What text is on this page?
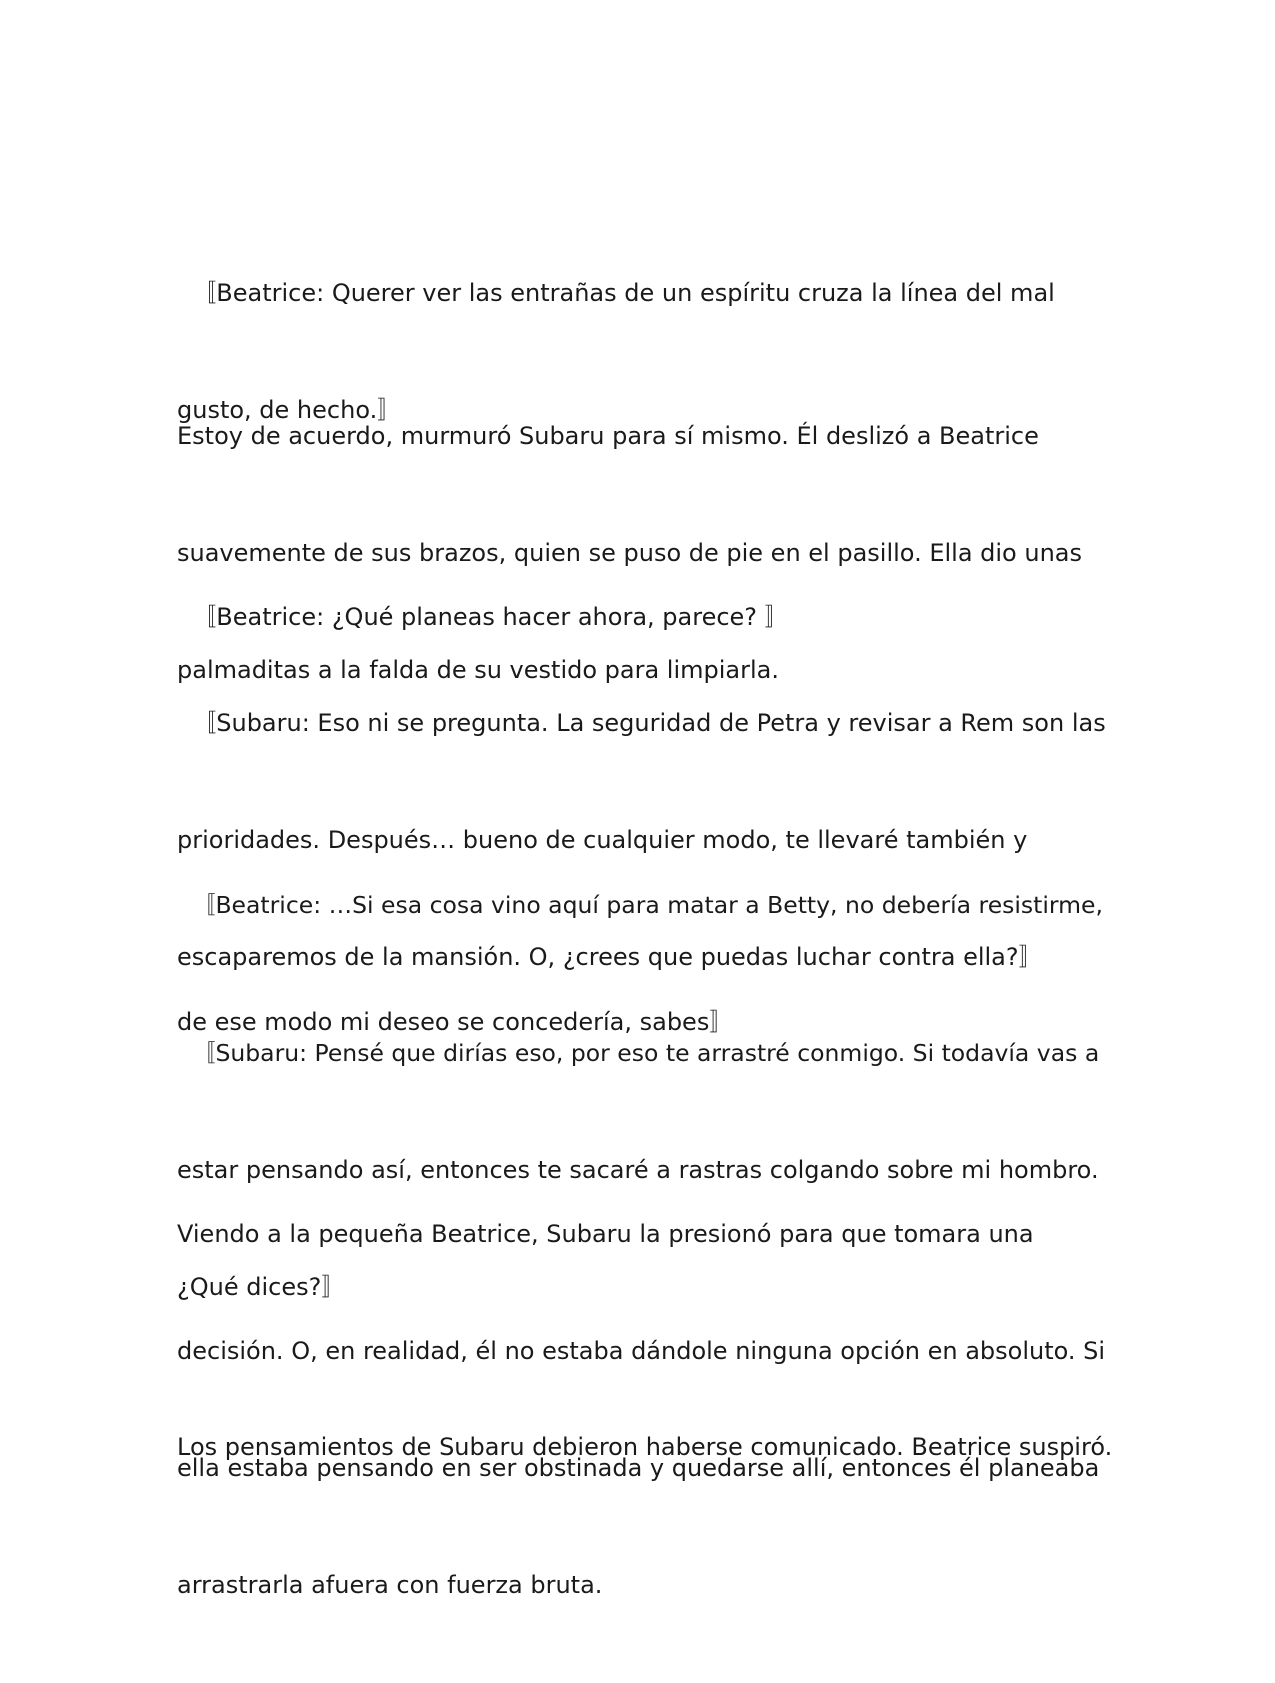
〚Beatrice: Querer ver las entrañas de un espíritu cruza la línea del mal

gusto, de hecho.〛

Estoy de acuerdo, murmuró Subaru para sí mismo. Él deslizó a Beatrice

suavemente de sus brazos, quien se puso de pie en el pasillo. Ella dio unas

palmaditas a la falda de su vestido para limpiarla.

〚Beatrice: ¿Qué planeas hacer ahora, parece? 〛

〚Subaru: Eso ni se pregunta. La seguridad de Petra y revisar a Rem son las

prioridades. Después… bueno de cualquier modo, te llevaré también y

escaparemos de la mansión. O, ¿crees que puedas luchar contra ella?〛

〚Beatrice: …Si esa cosa vino aquí para matar a Betty, no debería resistirme,

de ese modo mi deseo se concedería, sabes〛

〚Subaru: Pensé que dirías eso, por eso te arrastré conmigo. Si todavía vas a

estar pensando así, entonces te sacaré a rastras colgando sobre mi hombro.

¿Qué dices?〛

Viendo a la pequeña Beatrice, Subaru la presionó para que tomara una

decisión. O, en realidad, él no estaba dándole ninguna opción en absoluto. Si

ella estaba pensando en ser obstinada y quedarse allí, entonces él planeaba

arrastrarla afuera con fuerza bruta.

Los pensamientos de Subaru debieron haberse comunicado. Beatrice suspiró.
